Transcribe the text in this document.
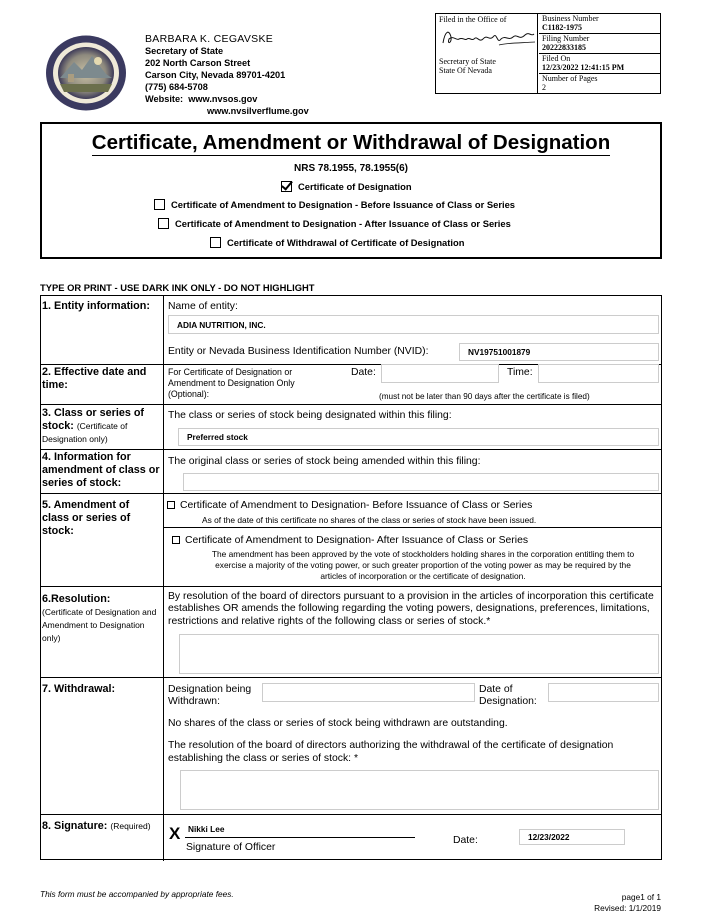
BARBARA K. CEGAVSKE
Secretary of State
202 North Carson Street
Carson City, Nevada 89701-4201
(775) 684-5708
Website: www.nvsos.gov
www.nvsilverflume.gov
Filed in the Office of
Secretary of State
State Of Nevada
Business Number
C1182-1975
Filing Number
20222833185
Filed On
12/23/2022 12:41:15 PM
Number of Pages
2
Certificate, Amendment or Withdrawal of Designation
NRS 78.1955, 78.1955(6)
Certificate of Designation
Certificate of Amendment to Designation - Before Issuance of Class or Series
Certificate of Amendment to Designation - After Issuance of Class or Series
Certificate of Withdrawal of Certificate of Designation
TYPE OR PRINT - USE DARK INK ONLY - DO NOT HIGHLIGHT
1. Entity information: Name of entity:
ADIA NUTRITION, INC.
Entity or Nevada Business Identification Number (NVID):	NV19751001879
2. Effective date and time:
For Certificate of Designation or Amendment to Designation Only (Optional):
Date:	Time:
(must not be later than 90 days after the certificate is filed)
3. Class or series of stock: (Certificate of Designation only)
The class or series of stock being designated within this filing:
Preferred stock
4. Information for amendment of class or series of stock:
The original class or series of stock being amended within this filing:
5. Amendment of class or series of stock:
Certificate of Amendment to Designation- Before Issuance of Class or Series
As of the date of this certificate no shares of the class or series of stock have been issued.
Certificate of Amendment to Designation- After Issuance of Class or Series
The amendment has been approved by the vote of stockholders holding shares in the corporation entitling them to exercise a majority of the voting power, or such greater proportion of the voting power as may be required by the articles of incorporation or the certificate of designation.
6.Resolution:
(Certificate of Designation and Amendment to Designation only)
By resolution of the board of directors pursuant to a provision in the articles of incorporation this certificate establishes OR amends the following regarding the voting powers, designations, preferences, limitations, restrictions and relative rights of the following class or series of stock.*
7. Withdrawal:	Designation being Withdrawn:
Date of Designation:
No shares of the class or series of stock being withdrawn are outstanding.
The resolution of the board of directors authorizing the withdrawal of the certificate of designation establishing the class or series of stock: *
8. Signature: (Required) X Nikki Lee
Signature of Officer
Date:	12/23/2022
This form must be accompanied by appropriate fees.	page1 of 1
Revised: 1/1/2019
